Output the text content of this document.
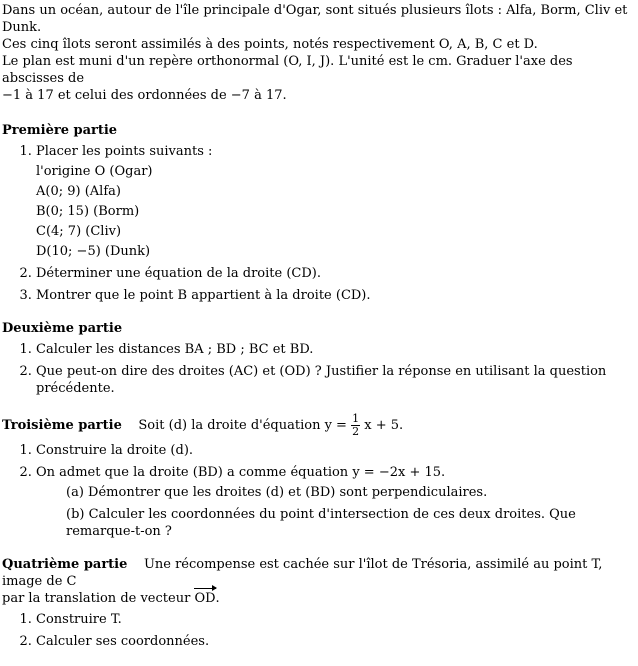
Dans un océan, autour de l'île principale d'Ogar, sont situés plusieurs îlots : Alfa, Borm, Cliv et Dunk.

Ces cinq îlots seront assimilés à des points, notés respectivement O, A, B, C et D.

Le plan est muni d'un repère orthonormal (O, I, J). L'unité est le cm. Graduer l'axe des abscisses de

−1 à 17 et celui des ordonnées de −7 à 17.

Première partie
1. Placer les points suivants :
l'origine O (Ogar)
A(0; 9) (Alfa)
B(0; 15) (Borm)
C(4; 7) (Cliv)
D(10; −5) (Dunk)
2. Déterminer une équation de la droite (CD).
3. Montrer que le point B appartient à la droite (CD).
Deuxième partie
1. Calculer les distances BA ; BD ; BC et BD.
2. Que peut-on dire des droites (AC) et (OD) ? Justifier la réponse en utilisant la question précédente.
Troisième partie Soit (d) la droite d'équation $y = \frac{1}{2}$ x + 5.
1. Construire la droite (d).
2. On admet que la droite (BD) a comme équation y = −2x + 15.
(a) Démontrer que les droites (d) et (BD) sont perpendiculaires.
(b) Calculer les coordonnées du point d'intersection de ces deux droites. Que remarque-t-on ?
Quatrième partie Une récompense est cachée sur l'îlot de Trésoria, assimilé au point T, image de C
par la translation de vecteur OD.
1. Construire T.
2. Calculer ses coordonnées.
